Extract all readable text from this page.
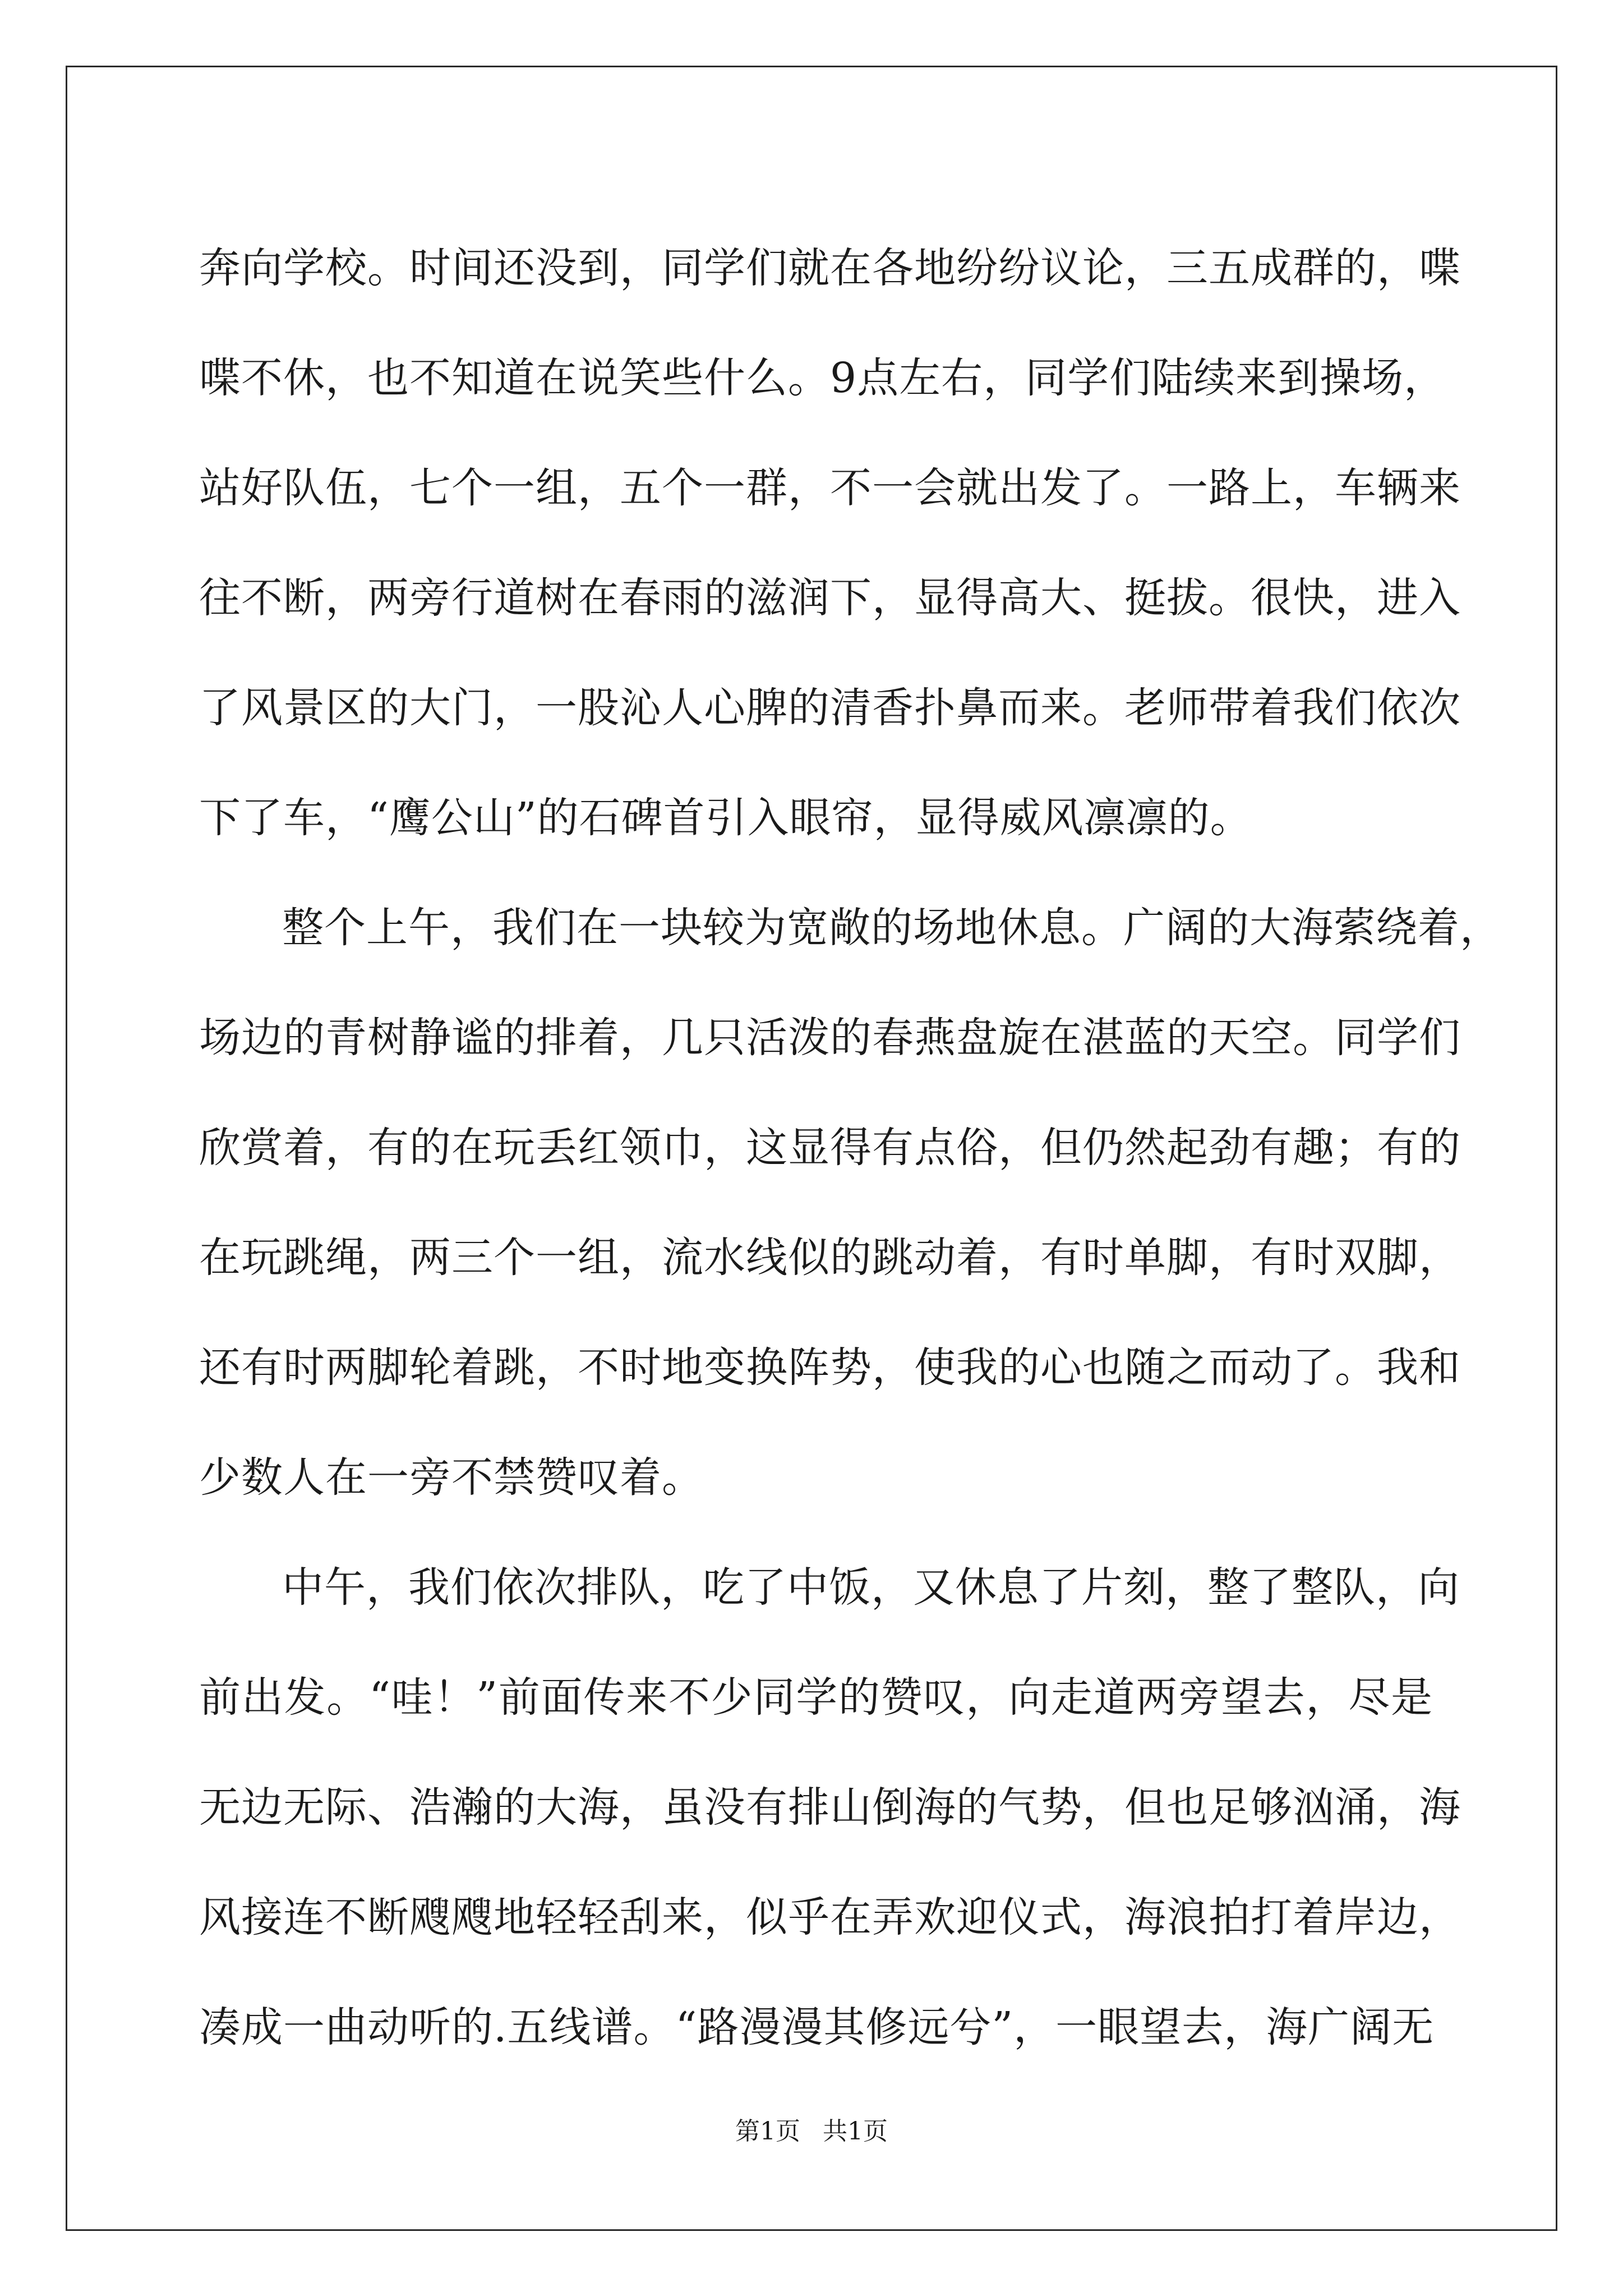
奔向学校。时间还没到，同学们就在各地纷纷议论，三五成群的，喋
喋不休，也不知道在说笑些什么。9点左右，同学们陆续来到操场，
站好队伍，七个一组，五个一群，不一会就出发了。一路上，车辆来
往不断，两旁行道树在春雨的滋润下，显得高大、挺拔。很快，进入
了风景区的大门，一股沁人心脾的清香扑鼻而来。老师带着我们依次
下了车，“鹰公山”的石碑首引入眼帘，显得威风凛凛的。
整个上午，我们在一块较为宽敞的场地休息。广阔的大海萦绕着，
场边的青树静谧的排着，几只活泼的春燕盘旋在湛蓝的天空。同学们
欣赏着，有的在玩丢红领巾，这显得有点俗，但仍然起劲有趣；有的
在玩跳绳，两三个一组，流水线似的跳动着，有时单脚，有时双脚，
还有时两脚轮着跳，不时地变换阵势，使我的心也随之而动了。我和
少数人在一旁不禁赞叹着。
中午，我们依次排队，吃了中饭，又休息了片刻，整了整队，向
前出发。“哇！”前面传来不少同学的赞叹，向走道两旁望去，尽是
无边无际、浩瀚的大海，虽没有排山倒海的气势，但也足够汹涌，海
风接连不断飕飕地轻轻刮来，似乎在弄欢迎仪式，海浪拍打着岸边，
凑成一曲动听的.五线谱。“路漫漫其修远兮”，一眼望去，海广阔无
第1页 共1页
